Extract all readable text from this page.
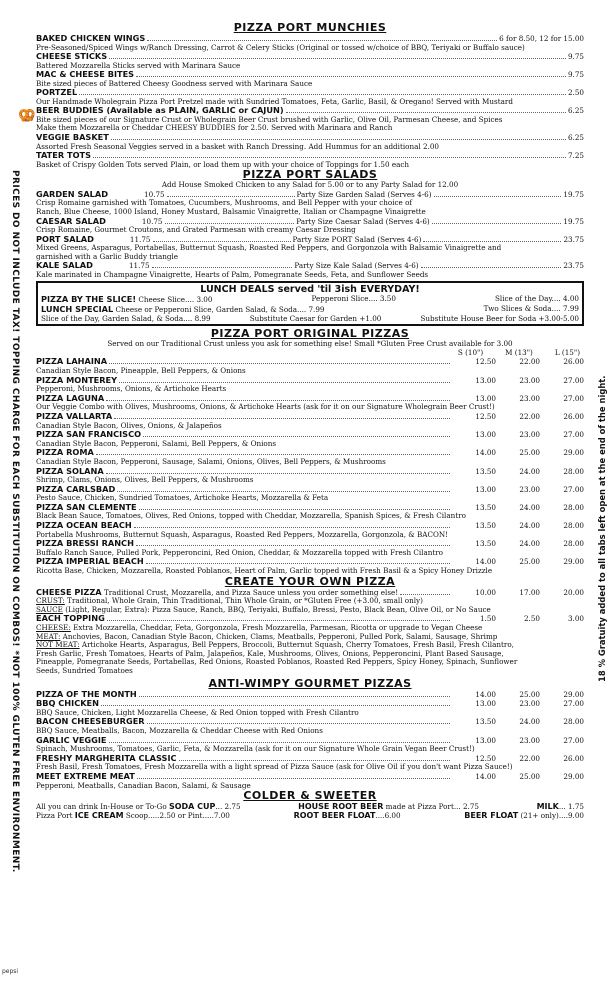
PRICES DO NOT INCLUDE TAX! TOPPING CHARGE FOR EACH SUBSTITUTION ON COMBOS! *NOT 100% GLUTEN FREE ENVIRONMENT.	18 % Gratuity added to all tabs left open at the end of the night.
🥨
pepsi
PIZZA PORT MUNCHIES
BAKED CHICKEN WINGS	6 for 8.50, 12 for 15.00
Pre-Seasoned/Spiced Wings w/Ranch Dressing, Carrot & Celery Sticks (Original or tossed w/choice of BBQ, Teriyaki or Buffalo sauce)
CHEESE STICKS	9.75
Battered Mozzarella Sticks served with Marinara Sauce
MAC & CHEESE BITES	9.75
Bite sized pieces of Battered Cheesy Goodness served with Marinara Sauce
PORTZEL	2.50
Our Handmade Wholegrain Pizza Port Pretzel made with Sundried Tomatoes, Feta, Garlic, Basil, & Oregano! Served with Mustard
BEER BUDDIES (Available as PLAIN, GARLIC or CAJUN)	6.25
Bite sized pieces of our Signature Crust or Wholegrain Beer Crust brushed with Garlic, Olive Oil, Parmesan Cheese, and Spices
Make them Mozzarella or Cheddar CHEESY BUDDIES for 2.50. Served with Marinara and Ranch
VEGGIE BASKET	6.25
Assorted Fresh Seasonal Veggies served in a basket with Ranch Dressing. Add Hummus for an additional 2.00
TATER TOTS	7.25
Basket of Crispy Golden Tots served Plain, or load them up with your choice of Toppings for 1.50 each
PIZZA PORT SALADS
Add House Smoked Chicken to any Salad for 5.00 or to any Party Salad for 12.00
GARDEN SALAD	10.75	Party Size Garden Salad (Serves 4-6)	19.75
Crisp Romaine garnished with Tomatoes, Cucumbers, Mushrooms, and Bell Pepper with your choice of
Ranch, Blue Cheese, 1000 Island, Honey Mustard, Balsamic Vinaigrette, Italian or Champagne Vinaigrette
CAESAR SALAD	10.75	Party Size Caesar Salad (Serves 4-6)	19.75
Crisp Romaine, Gourmet Croutons, and Grated Parmesan with creamy Caesar Dressing
PORT SALAD	11.75	Party Size PORT Salad (Serves 4-6)	23.75
Mixed Greens, Asparagus, Portabellas, Butternut Squash, Roasted Red Peppers, and Gorgonzola with Balsamic Vinaigrette and
garnished with a Garlic Buddy triangle
KALE SALAD	11.75	Party Size Kale Salad (Serves 4-6)	23.75
Kale marinated in Champagne Vinaigrette, Hearts of Palm, Pomegranate Seeds, Feta, and Sunflower Seeds
LUNCH DEALS served 'til 3ish EVERYDAY!
PIZZA BY THE SLICE! Cheese Slice.... 3.00	Pepperoni Slice.... 3.50	Slice of the Day.... 4.00
LUNCH SPECIAL Cheese or Pepperoni Slice, Garden Salad, & Soda.... 7.99	Two Slices & Soda.... 7.99
Slice of the Day, Garden Salad, & Soda.... 8.99	Substitute Caesar for Garden +1.00	Substitute House Beer for Soda +3.00-5.00
PIZZA PORT ORIGINAL PIZZAS
Served on our Traditional Crust unless you ask for something else! Small *Gluten Free Crust available for 3.00
S (10")	M (13")	L (15")
PIZZA LAHAINA	12.50	22.00	26.00
Canadian Style Bacon, Pineapple, Bell Peppers, & Onions
PIZZA MONTEREY	13.00	23.00	27.00
Pepperoni, Mushrooms, Onions, & Artichoke Hearts
PIZZA LAGUNA	13.00	23.00	27.00
Our Veggie Combo with Olives, Mushrooms, Onions, & Artichoke Hearts (ask for it on our Signature Wholegrain Beer Crust!)
PIZZA VALLARTA	12.50	22.00	26.00
Canadian Style Bacon, Olives, Onions, & Jalapeños
PIZZA SAN FRANCISCO	13.00	23.00	27.00
Canadian Style Bacon, Pepperoni, Salami, Bell Peppers, & Onions
PIZZA ROMA	14.00	25.00	29.00
Canadian Style Bacon, Pepperoni, Sausage, Salami, Onions, Olives, Bell Peppers, & Mushrooms
PIZZA SOLANA	13.50	24.00	28.00
Shrimp, Clams, Onions, Olives, Bell Peppers, & Mushrooms
PIZZA CARLSBAD	13.00	23.00	27.00
Pesto Sauce, Chicken, Sundried Tomatoes, Artichoke Hearts, Mozzarella & Feta
PIZZA SAN CLEMENTE	13.50	24.00	28.00
Black Bean Sauce, Tomatoes, Olives, Red Onions, topped with Cheddar, Mozzarella, Spanish Spices, & Fresh Cilantro
PIZZA OCEAN BEACH	13.50	24.00	28.00
Portabella Mushrooms, Butternut Squash, Asparagus, Roasted Red Peppers, Mozzarella, Gorgonzola, & BACON!
PIZZA BRESSI RANCH	13.50	24.00	28.00
Buffalo Ranch Sauce, Pulled Pork, Pepperoncini, Red Onion, Cheddar, & Mozzarella topped with Fresh Cilantro
PIZZA IMPERIAL BEACH	14.00	25.00	29.00
Ricotta Base, Chicken, Mozzarella, Roasted Poblanos, Heart of Palm, Garlic topped with Fresh Basil & a Spicy Honey Drizzle
CREATE YOUR OWN PIZZA
CHEESE PIZZA
Traditional Crust, Mozzarella, and Pizza Sauce unless you order something else!	10.00	17.00	20.00
CRUST: Traditional, Whole Grain, Thin Traditional, Thin Whole Grain, or *Gluten Free (+3.00, small only)
SAUCE (Light, Regular, Extra): Pizza Sauce, Ranch, BBQ, Teriyaki, Buffalo, Bressi, Pesto, Black Bean, Olive Oil, or No Sauce
EACH TOPPING	1.50	2.50	3.00
CHEESE: Extra Mozzarella, Cheddar, Feta, Gorgonzola, Fresh Mozzarella, Parmesan, Ricotta or upgrade to Vegan Cheese
MEAT: Anchovies, Bacon, Canadian Style Bacon, Chicken, Clams, Meatballs, Pepperoni, Pulled Pork, Salami, Sausage, Shrimp
NOT MEAT: Artichoke Hearts, Asparagus, Bell Peppers, Broccoli, Butternut Squash, Cherry Tomatoes, Fresh Basil, Fresh Cilantro,
Fresh Garlic, Fresh Tomatoes, Hearts of Palm, Jalapeños, Kale, Mushrooms, Olives, Onions, Pepperoncini, Plant Based Sausage,
Pineapple, Pomegranate Seeds, Portabellas, Red Onions, Roasted Poblanos, Roasted Red Peppers, Spicy Honey, Spinach, Sunflower
Seeds, Sundried Tomatoes
ANTI-WIMPY GOURMET PIZZAS
PIZZA OF THE MONTH	14.00	25.00	29.00
BBQ CHICKEN	13.00	23.00	27.00
BBQ Sauce, Chicken, Light Mozzarella Cheese, & Red Onion topped with Fresh Cilantro
BACON CHEESEBURGER	13.50	24.00	28.00
BBQ Sauce, Meatballs, Bacon, Mozzarella & Cheddar Cheese with Red Onions
GARLIC VEGGIE	13.00	23.00	27.00
Spinach, Mushrooms, Tomatoes, Garlic, Feta, & Mozzarella (ask for it on our Signature Whole Grain Vegan Beer Crust!)
FRESHY MARGHERITA CLASSIC	12.50	22.00	26.00
Fresh Basil, Fresh Tomatoes, Fresh Mozzarella with a light spread of Pizza Sauce (ask for Olive Oil if you don't want Pizza Sauce!)
MEET EXTREME MEAT	14.00	25.00	29.00
Pepperoni, Meatballs, Canadian Bacon, Salami, & Sausage
COLDER & SWEETER
All you can drink In-House or To-Go SODA CUP... 2.75	HOUSE ROOT BEER made at Pizza Port... 2.75	MILK... 1.75
Pizza Port ICE CREAM Scoop.....2.50 or Pint.....7.00	ROOT BEER FLOAT....6.00	BEER FLOAT (21+ only)....9.00
